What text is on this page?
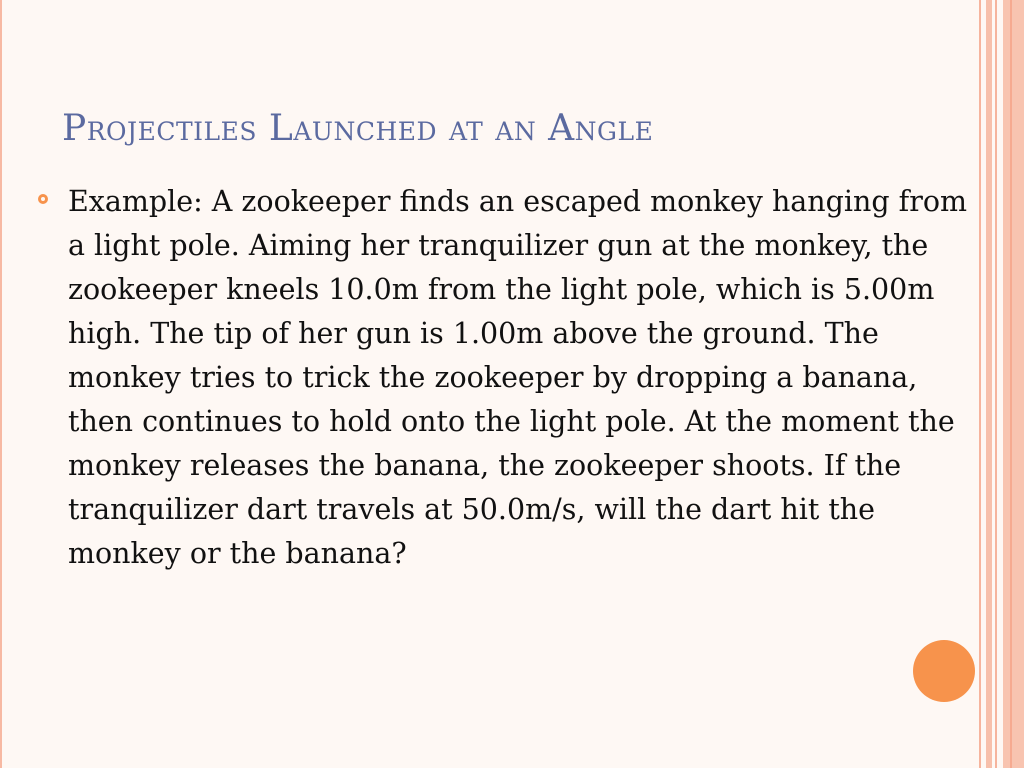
Projectiles Launched at an Angle

Example: A zookeeper finds an escaped monkey hanging from a light pole. Aiming her tranquilizer gun at the monkey, the zookeeper kneels 10.0m from the light pole, which is 5.00m high. The tip of her gun is 1.00m above the ground. The monkey tries to trick the zookeeper by dropping a banana, then continues to hold onto the light pole. At the moment the monkey releases the banana, the zookeeper shoots. If the tranquilizer dart travels at 50.0m/s, will the dart hit the monkey or the banana?
